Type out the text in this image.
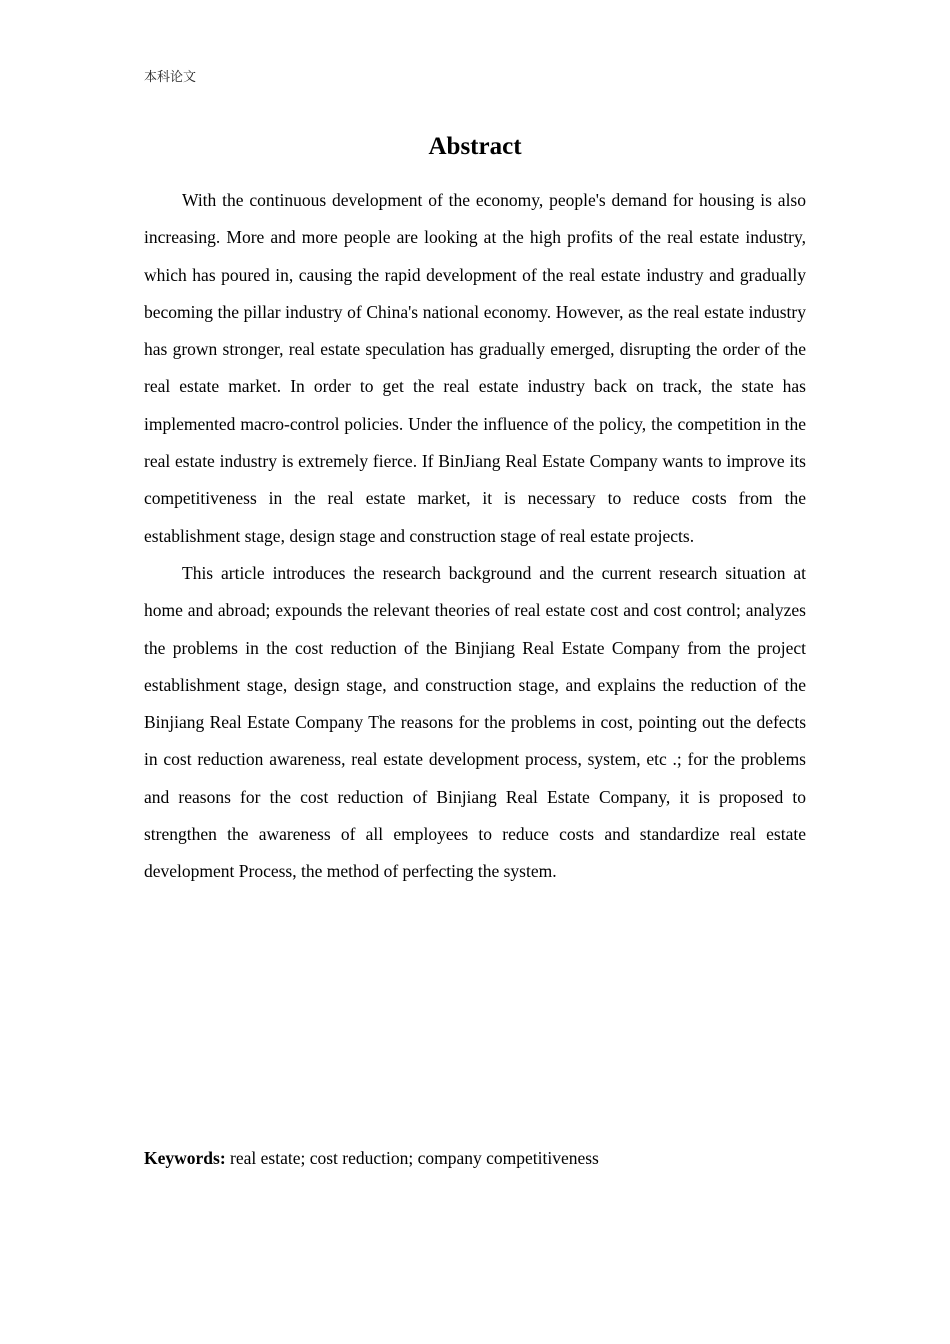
本科论文
Abstract

With the continuous development of the economy, people's demand for housing is also increasing. More and more people are looking at the high profits of the real estate industry, which has poured in, causing the rapid development of the real estate industry and gradually becoming the pillar industry of China's national economy. However, as the real estate industry has grown stronger, real estate speculation has gradually emerged, disrupting the order of the real estate market. In order to get the real estate industry back on track, the state has implemented macro-control policies. Under the influence of the policy, the competition in the real estate industry is extremely fierce. If BinJiang Real Estate Company wants to improve its competitiveness in the real estate market, it is necessary to reduce costs from the establishment stage, design stage and construction stage of real estate projects.

This article introduces the research background and the current research situation at home and abroad; expounds the relevant theories of real estate cost and cost control; analyzes the problems in the cost reduction of the Binjiang Real Estate Company from the project establishment stage, design stage, and construction stage, and explains the reduction of the Binjiang Real Estate Company The reasons for the problems in cost, pointing out the defects in cost reduction awareness, real estate development process, system, etc .; for the problems and reasons for the cost reduction of Binjiang Real Estate Company, it is proposed to strengthen the awareness of all employees to reduce costs and standardize real estate development Process, the method of perfecting the system.

Keywords: real estate; cost reduction; company competitiveness
